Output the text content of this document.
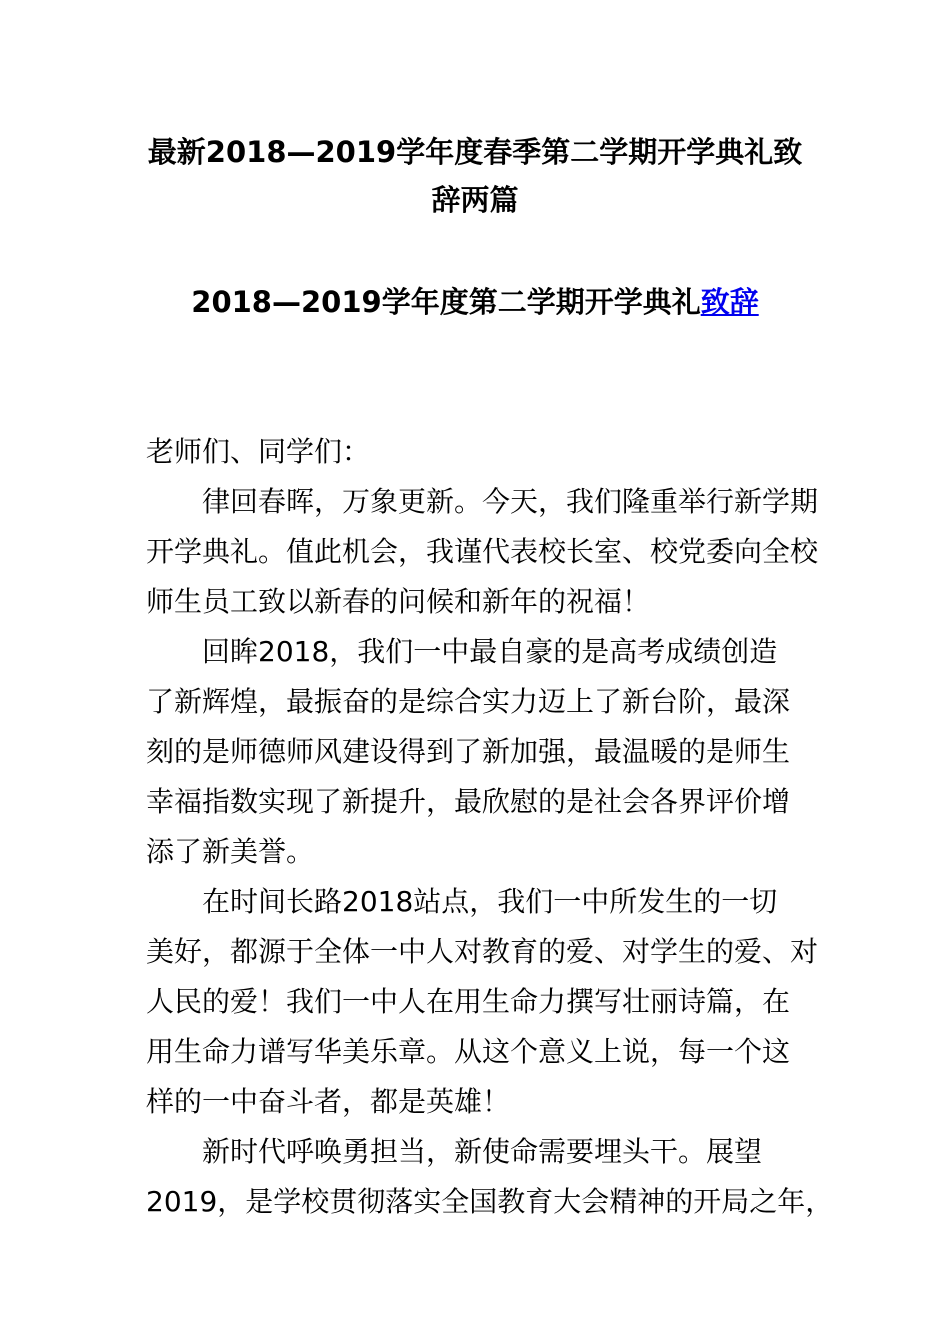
最新2018—2019学年度春季第二学期开学典礼致
辞两篇
2018—2019学年度第二学期开学典礼致辞
老师们、同学们：
律回春晖，万象更新。今天，我们隆重举行新学期
开学典礼。值此机会，我谨代表校长室、校党委向全校
师生员工致以新春的问候和新年的祝福！
回眸2018，我们一中最自豪的是高考成绩创造
了新辉煌，最振奋的是综合实力迈上了新台阶，最深
刻的是师德师风建设得到了新加强，最温暖的是师生
幸福指数实现了新提升，最欣慰的是社会各界评价增
添了新美誉。
在时间长路2018站点，我们一中所发生的一切
美好，都源于全体一中人对教育的爱、对学生的爱、对
人民的爱！我们一中人在用生命力撰写壮丽诗篇，在
用生命力谱写华美乐章。从这个意义上说，每一个这
样的一中奋斗者，都是英雄！
新时代呼唤勇担当，新使命需要埋头干。展望
2019，是学校贯彻落实全国教育大会精神的开局之年，
